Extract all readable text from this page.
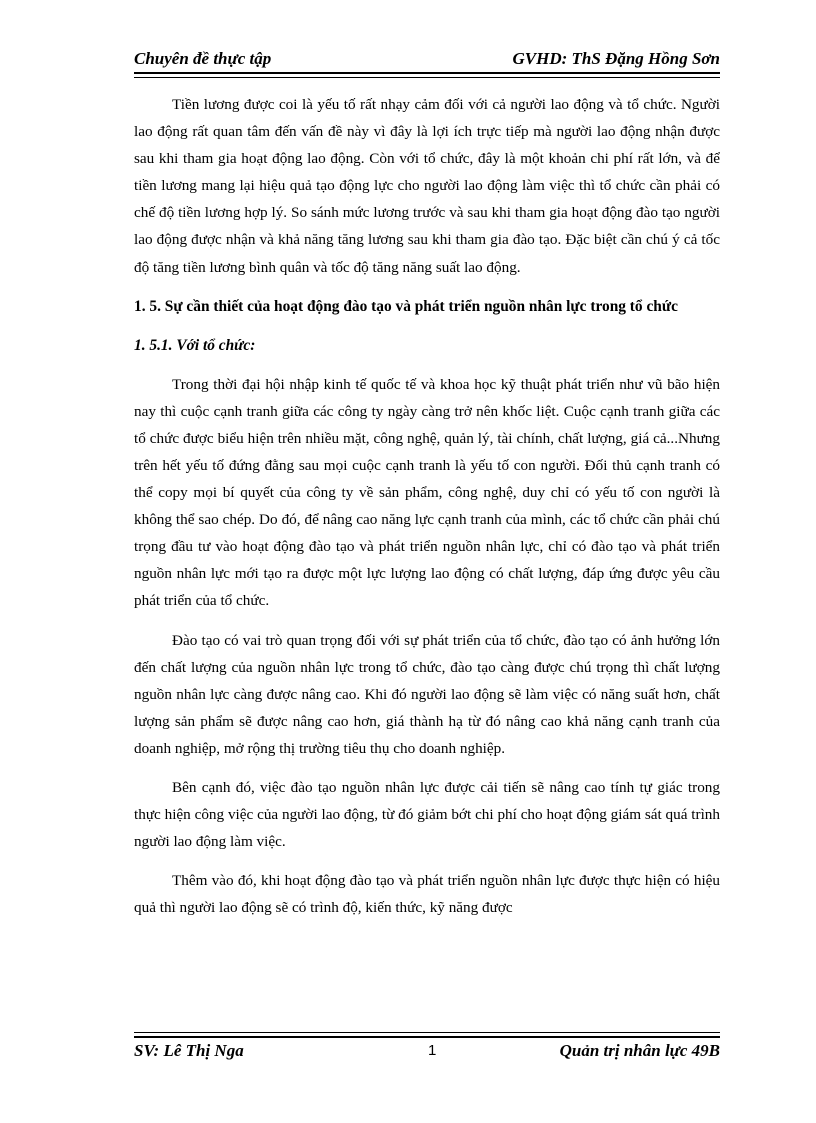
Chuyên đề thực tập	GVHD: ThS Đặng Hồng Sơn

Tiền lương được coi là yếu tố rất nhạy cảm đối với cả người lao động và tổ chức. Người lao động rất quan tâm đến vấn đề này vì đây là lợi ích trực tiếp mà người lao động nhận được sau khi tham gia hoạt động lao động. Còn với tổ chức, đây là một khoản chi phí rất lớn, và để tiền lương mang lại hiệu quả tạo động lực cho người lao động làm việc thì tổ chức cần phải có chế độ tiền lương hợp lý. So sánh mức lương trước và sau khi tham gia hoạt động đào tạo người lao động được nhận và khả năng tăng lương sau khi tham gia đào tạo. Đặc biệt cần chú ý cả tốc độ tăng tiền lương bình quân và tốc độ tăng năng suất lao động.

1. 5. Sự cần thiết của hoạt động đào tạo và phát triển nguồn nhân lực trong tổ chức

1. 5.1. Với tổ chức:

Trong thời đại hội nhập kinh tế quốc tế và khoa học kỹ thuật phát triển như vũ bão hiện nay thì cuộc cạnh tranh giữa các công ty ngày càng trở nên khốc liệt. Cuộc cạnh tranh giữa các tổ chức được biểu hiện trên nhiều mặt, công nghệ, quản lý, tài chính, chất lượng, giá cả...Nhưng trên hết yếu tố đứng đằng sau mọi cuộc cạnh tranh là yếu tố con người. Đối thủ cạnh tranh có thể copy mọi bí quyết của công ty về sản phẩm, công nghệ, duy chỉ có yếu tố con người là không thể sao chép. Do đó, để nâng cao năng lực cạnh tranh của mình, các tổ chức cần phải chú trọng đầu tư vào hoạt động đào tạo và phát triển nguồn nhân lực, chỉ có đào tạo và phát triển nguồn nhân lực mới tạo ra được một lực lượng lao động có chất lượng, đáp ứng được yêu cầu phát triển của tổ chức.

Đào tạo có vai trò quan trọng đối với sự phát triển của tổ chức, đào tạo có ảnh hưởng lớn đến chất lượng của nguồn nhân lực trong tổ chức, đào tạo càng được chú trọng thì chất lượng nguồn nhân lực càng được nâng cao. Khi đó người lao động sẽ làm việc có năng suất hơn, chất lượng sản phẩm sẽ được nâng cao hơn, giá thành hạ từ đó nâng cao khả năng cạnh tranh của doanh nghiệp, mở rộng thị trường tiêu thụ cho doanh nghiệp.

Bên cạnh đó, việc đào tạo nguồn nhân lực được cải tiến sẽ nâng cao tính tự giác trong thực hiện công việc của người lao động, từ đó giảm bớt chi phí cho hoạt động giám sát quá trình người lao động làm việc.

Thêm vào đó, khi hoạt động đào tạo và phát triển nguồn nhân lực được thực hiện có hiệu quả thì người lao động sẽ có trình độ, kiến thức, kỹ năng được

SV: Lê Thị Nga	1	Quản trị nhân lực 49B
